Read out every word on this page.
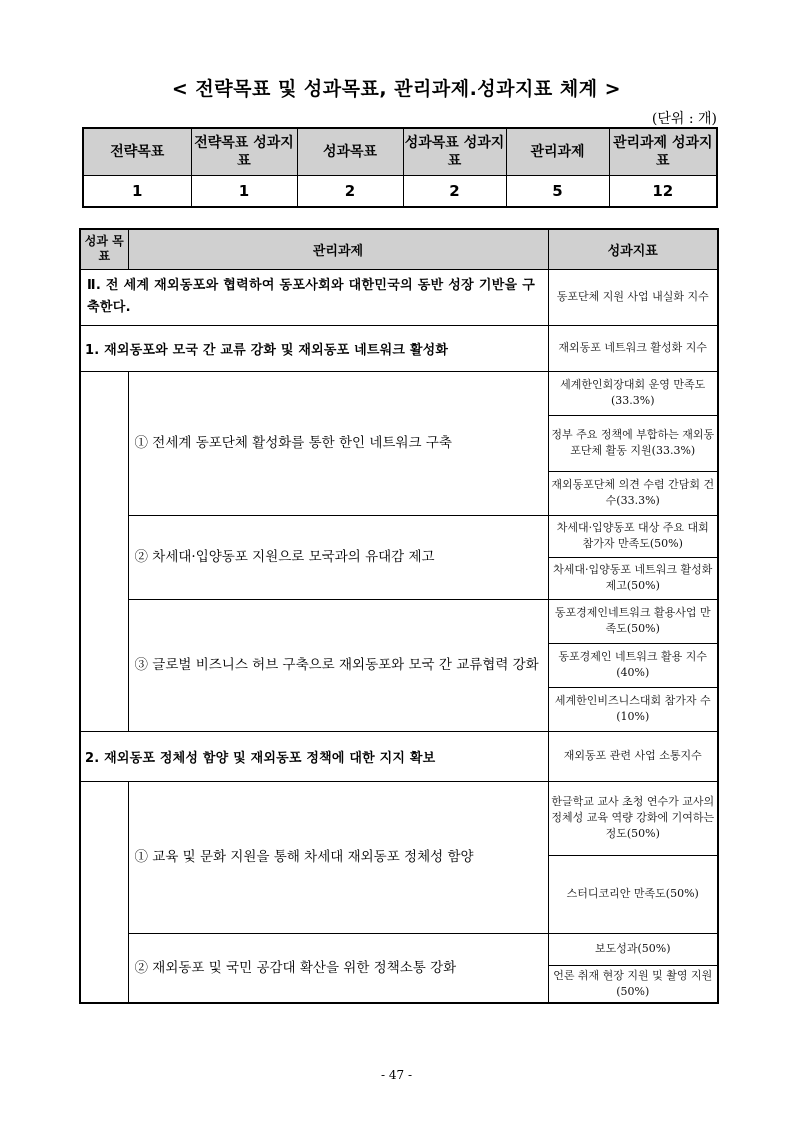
< 전략목표 및 성과목표, 관리과제.성과지표 체계 >
(단위 : 개)
전략목표	전략목표 성과지표	성과목표	성과목표 성과지표	관리과제	관리과제 성과지표
1	1	2	2	5	12
성과 목표	관리과제	성과지표
Ⅱ. 전 세계 재외동포와 협력하여 동포사회와 대한민국의 동반 성장 기반을 구축한다.		동포단체 지원 사업 내실화 지수
1. 재외동포와 모국 간 교류 강화 및 재외동포 네트워크 활성화		재외동포 네트워크 활성화 지수
	① 전세계 동포단체 활성화를 통한 한인 네트워크 구축	세계한인회장대회 운영 만족도(33.3%)
		정부 주요 정책에 부합하는 재외동포단체 활동 지원(33.3%)
		재외동포단체 의견 수렴 간담회 건수(33.3%)
	② 차세대·입양동포 지원으로 모국과의 유대감 제고	차세대·입양동포 대상 주요 대회 참가자 만족도(50%)
		차세대·입양동포 네트워크 활성화 제고(50%)
	③ 글로벌 비즈니스 허브 구축으로 재외동포와 모국 간 교류협력 강화	동포경제인네트워크 활용사업 만족도(50%)
		동포경제인 네트워크 활용 지수(40%)
		세계한인비즈니스대회 참가자 수(10%)
2. 재외동포 정체성 함양 및 재외동포 정책에 대한 지지 확보		재외동포 관련 사업 소통지수
	① 교육 및 문화 지원을 통해 차세대 재외동포 정체성 함양	한글학교 교사 초청 연수가 교사의 정체성 교육 역량 강화에 기여하는 정도(50%)
		스터디코리안 만족도(50%)
	② 재외동포 및 국민 공감대 확산을 위한 정책소통 강화	보도성과(50%)
		언론 취재 현장 지원 및 촬영 지원(50%)
- 47 -
